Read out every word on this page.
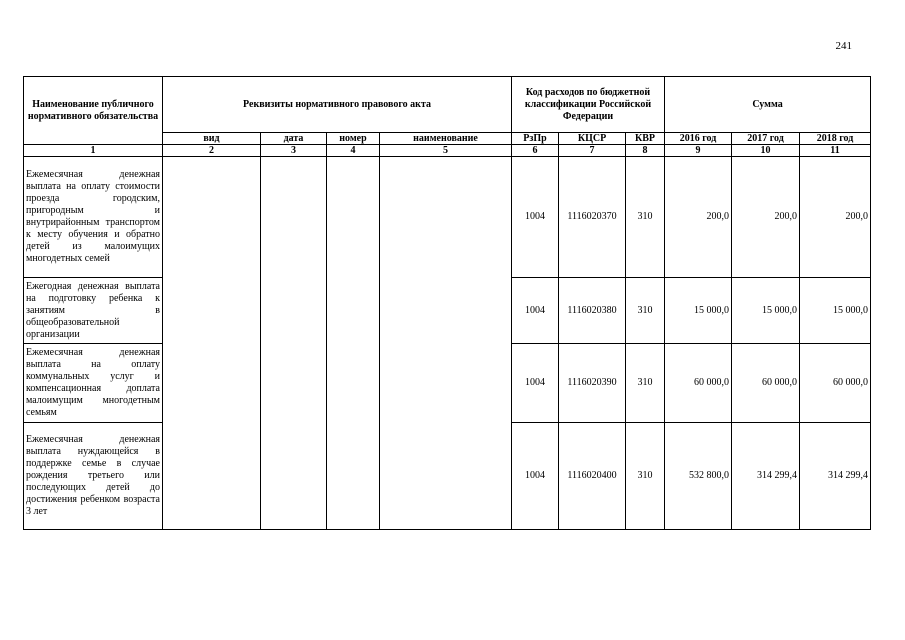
241
Наименование публичного нормативного обязательства	Реквизиты нормативного правового акта				Код расходов по бюджетной классификации Российской Федерации			Сумма		
	вид	дата	номер	наименование	РзПр	КЦСР	КВР	2016 год	2017 год	2018 год
1	2	3	4	5	6	7	8	9	10	11
Ежемесячная денежная выплата на оплату стоимости проезда городским, пригородным и внутрирайонным транспортом к месту обучения и обратно детей из малоимущих многодетных семей					1004	1116020370	310	200,0	200,0	200,0
Ежегодная денежная выплата на подготовку ребенка к занятиям в общеобразовательной организации					1004	1116020380	310	15 000,0	15 000,0	15 000,0
Ежемесячная денежная выплата на оплату коммунальных услуг и компенсационная доплата малоимущим многодетным семьям					1004	1116020390	310	60 000,0	60 000,0	60 000,0
Ежемесячная денежная выплата нуждающейся в поддержке семье в случае рождения третьего или последующих детей до достижения ребенком возраста 3 лет					1004	1116020400	310	532 800,0	314 299,4	314 299,4
